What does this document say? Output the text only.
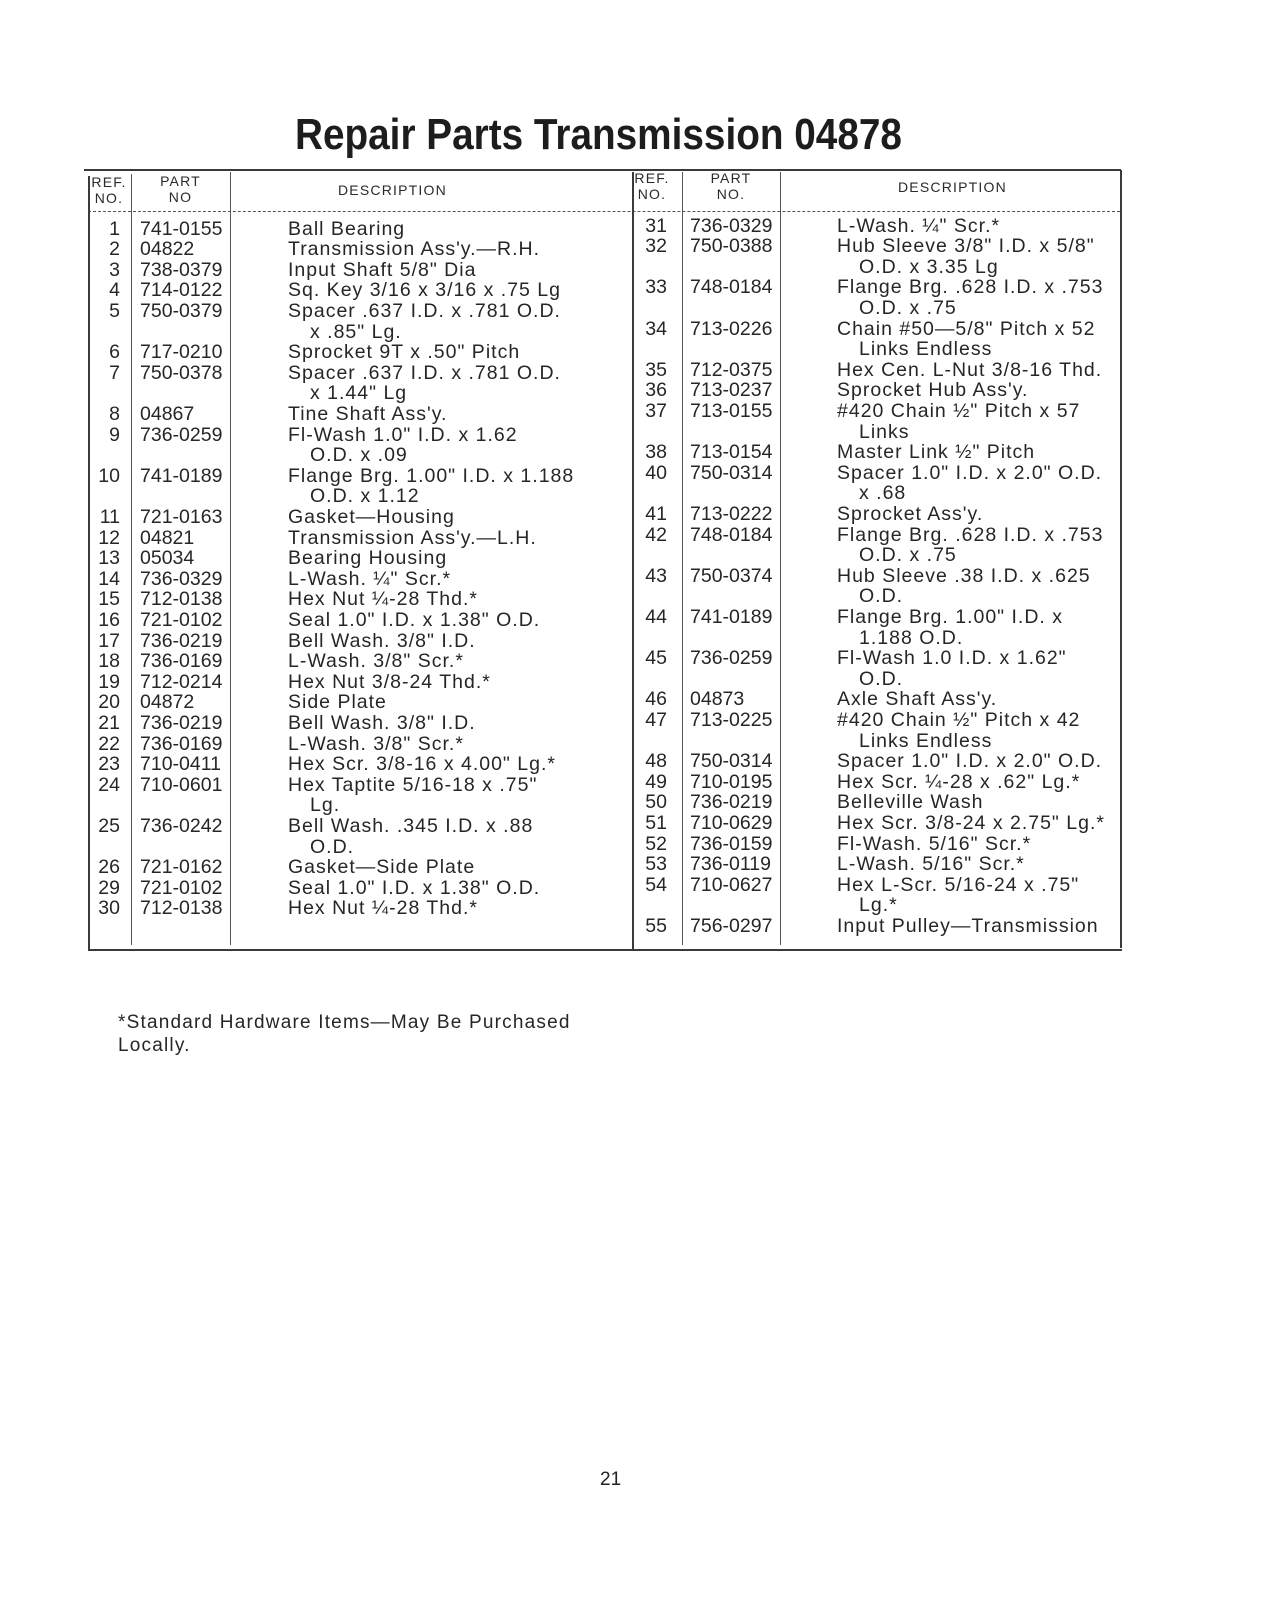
Repair Parts Transmission 04878
REF.
NO.
PART
NO	DESCRIPTION
REF.
NO.
PART
NO.	DESCRIPTION
1 741-0155	Ball Bearing
2 04822	Transmission Ass'y.—R.H.
3 738-0379	Input Shaft 5/8" Dia
4 714-0122	Sq. Key 3/16 x 3/16 x .75 Lg
5 750-0379	Spacer .637 I.D. x .781 O.D.
x .85" Lg.
6 717-0210	Sprocket 9T x .50" Pitch
7 750-0378	Spacer .637 I.D. x .781 O.D.
x 1.44" Lg
8 04867	Tine Shaft Ass'y.
9 736-0259	Fl-Wash 1.0" I.D. x 1.62
O.D. x .09
10 741-0189	Flange Brg. 1.00" I.D. x 1.188
O.D. x 1.12
11 721-0163	Gasket—Housing
12 04821	Transmission Ass'y.—L.H.
13 05034	Bearing Housing
14 736-0329	L-Wash. ¼" Scr.*
15 712-0138	Hex Nut ¼-28 Thd.*
16 721-0102	Seal 1.0" I.D. x 1.38" O.D.
17 736-0219	Bell Wash. 3/8" I.D.
18 736-0169	L-Wash. 3/8" Scr.*
19 712-0214	Hex Nut 3/8-24 Thd.*
20 04872	Side Plate
21 736-0219	Bell Wash. 3/8" I.D.
22 736-0169	L-Wash. 3/8" Scr.*
23 710-0411	Hex Scr. 3/8-16 x 4.00" Lg.*
24 710-0601	Hex Taptite 5/16-18 x .75"
Lg.
25 736-0242	Bell Wash. .345 I.D. x .88
O.D.
26 721-0162	Gasket—Side Plate
29 721-0102	Seal 1.0" I.D. x 1.38" O.D.
30 712-0138	Hex Nut ¼-28 Thd.*
31 736-0329	L-Wash. ¼" Scr.*
32 750-0388	Hub Sleeve 3/8" I.D. x 5/8"
O.D. x 3.35 Lg
33 748-0184	Flange Brg. .628 I.D. x .753
O.D. x .75
34 713-0226	Chain #50—5/8" Pitch x 52
Links Endless
35 712-0375	Hex Cen. L-Nut 3/8-16 Thd.
36 713-0237	Sprocket Hub Ass'y.
37 713-0155	#420 Chain ½" Pitch x 57
Links
38 713-0154	Master Link ½" Pitch
40 750-0314	Spacer 1.0" I.D. x 2.0" O.D.
x .68
41 713-0222	Sprocket Ass'y.
42 748-0184	Flange Brg. .628 I.D. x .753
O.D. x .75
43 750-0374	Hub Sleeve .38 I.D. x .625
O.D.
44 741-0189	Flange Brg. 1.00" I.D. x
1.188 O.D.
45 736-0259	Fl-Wash 1.0 I.D. x 1.62"
O.D.
46 04873	Axle Shaft Ass'y.
47 713-0225	#420 Chain ½" Pitch x 42
Links Endless
48 750-0314	Spacer 1.0" I.D. x 2.0" O.D.
49 710-0195	Hex Scr. ¼-28 x .62" Lg.*
50 736-0219	Belleville Wash
51 710-0629	Hex Scr. 3/8-24 x 2.75" Lg.*
52 736-0159	Fl-Wash. 5/16" Scr.*
53 736-0119	L-Wash. 5/16" Scr.*
54 710-0627	Hex L-Scr. 5/16-24 x .75"
Lg.*
55 756-0297	Input Pulley—Transmission
*Standard Hardware Items—May Be Purchased
Locally.
21
